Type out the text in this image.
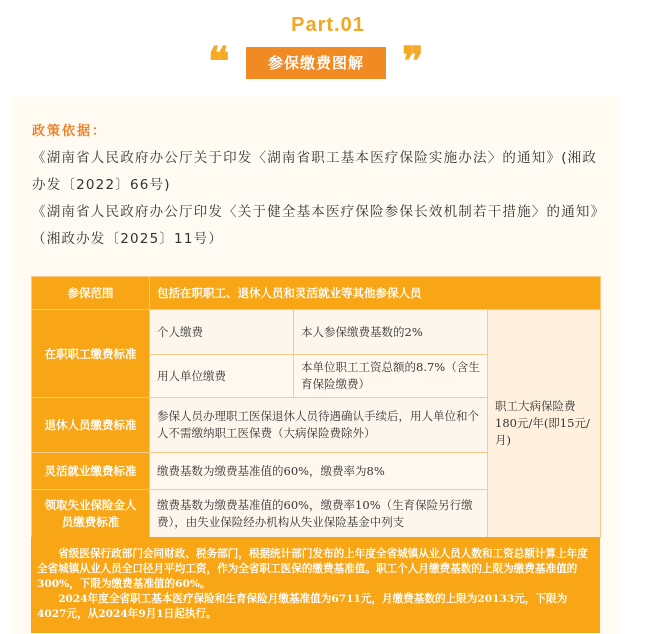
Part.01
❝	参保缴费图解 ❞
政策依据：
《湖南省人民政府办公厅关于印发〈湖南省职工基本医疗保险实施办法〉的通知》(湘政办发〔2022〕66号)
《湖南省人民政府办公厅印发〈关于健全基本医疗保险参保长效机制若干措施〉的通知》（湘政办发〔2025〕11号）
参保范围	包括在职职工、退休人员和灵活就业等其他参保人员		
在职职工缴费标准	个人缴费	本人参保缴费基数的2%	职工大病保险费180元/年(即15元/月)
	用人单位缴费	本单位职工工资总额的8.7%（含生育保险缴费）	
退休人员缴费标准	参保人员办理职工医保退休人员待遇确认手续后，用人单位和个人不需缴纳职工医保费（大病保险费除外）		
灵活就业缴费标准	缴费基数为缴费基准值的60%，缴费率为8%		
领取失业保险金人员缴费标准	缴费基数为缴费基准值的60%，缴费率10%（生育保险另行缴费），由失业保险经办机构从失业保险基金中列支		

省级医保行政部门会同财政、税务部门，根据统计部门发布的上年度全省城镇从业人员人数和工资总额计算上年度全省城镇从业人员全口径月平均工资，作为全省职工医保的缴费基准值。职工个人月缴费基数的上限为缴费基准值的300%，下限为缴费基准值的60%。

2024年度全省职工基本医疗保险和生育保险月缴基准值为6711元，月缴费基数的上限为20133元，下限为4027元，从2024年9月1日起执行。
